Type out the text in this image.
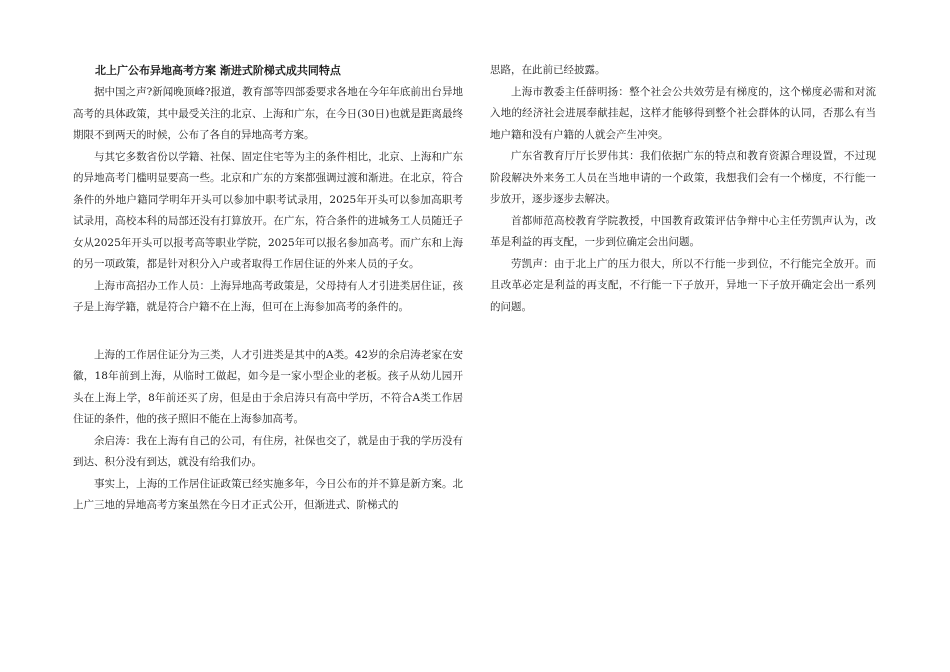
北上广公布异地高考方案 渐进式阶梯式成共同特点

据中国之声?新闻晚顶峰?报道，教育部等四部委要求各地在今年年底前出台异地高考的具体政策，其中最受关注的北京、上海和广东，在今日(30日)也就是距离最终期限不到两天的时候，公布了各自的异地高考方案。

与其它多数省份以学籍、社保、固定住宅等为主的条件相比，北京、上海和广东的异地高考门槛明显要高一些。北京和广东的方案都强调过渡和渐进。在北京，符合条件的外地户籍同学明年开头可以参加中职考试录用，2025年开头可以参加高职考试录用，高校本科的局部还没有打算放开。在广东，符合条件的进城务工人员随迁子女从2025年开头可以报考高等职业学院，2025年可以报名参加高考。而广东和上海的另一项政策，都是针对积分入户或者取得工作居住证的外来人员的子女。

上海市高招办工作人员：上海异地高考政策是，父母持有人才引进类居住证，孩子是上海学籍，就是符合户籍不在上海，但可在上海参加高考的条件的。

上海的工作居住证分为三类，人才引进类是其中的A类。42岁的余启涛老家在安徽，18年前到上海，从临时工做起，如今是一家小型企业的老板。孩子从幼儿园开头在上海上学，8年前还买了房，但是由于余启涛只有高中学历，不符合A类工作居住证的条件，他的孩子照旧不能在上海参加高考。

余启涛：我在上海有自己的公司，有住房，社保也交了，就是由于我的学历没有到达、积分没有到达，就没有给我们办。

事实上，上海的工作居住证政策已经实施多年，今日公布的并不算是新方案。北上广三地的异地高考方案虽然在今日才正式公开，但渐进式、阶梯式的

思路，在此前已经披露。

上海市教委主任薛明扬：整个社会公共效劳是有梯度的，这个梯度必需和对流入地的经济社会进展奉献挂起，这样才能够得到整个社会群体的认同，否那么有当地户籍和没有户籍的人就会产生冲突。

广东省教育厅厅长罗伟其：我们依据广东的特点和教育资源合理设置，不过现阶段解决外来务工人员在当地申请的一个政策，我想我们会有一个梯度，不行能一步放开，逐步逐步去解决。

首都师范高校教育学院教授，中国教育政策评估争辩中心主任劳凯声认为，改革是利益的再支配，一步到位确定会出问题。

劳凯声：由于北上广的压力很大，所以不行能一步到位，不行能完全放开。而且改革必定是利益的再支配，不行能一下子放开，异地一下子放开确定会出一系列的问题。
